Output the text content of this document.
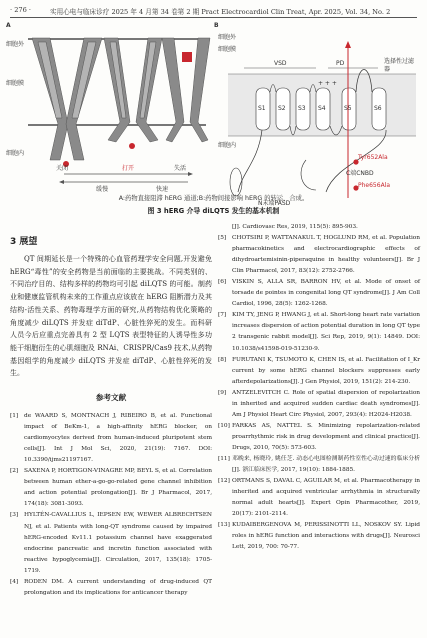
· 276 ·	实用心电与临床诊疗 2025 年 4 月第 34 卷第 2 期 Pract Electrocardiol Clin Treat, Apr. 2025, Vol. 34, No. 2
A
细胞外
细胞膜
细胞内
关闭	打开	失活
缓慢	快速
B
细胞外
细胞膜
细胞内
VSD	PD	选择性过滤器
S1 S2 S3 S4	S5	S6
+ + +
Tyr652Ala
C端CNBD
Phe656Ala
N末端PASD
A:药物直接阻滞 hERG 通道;B:药物间接影响 hERG 的转运、合成。
图 3 hERG 介导 diLQTS 发生的基本机制
3 展望

QT 间期延长是一个特殊的心血管药理学安全问题,开发避免 hERG“毒性”的安全药物是当前面临的主要挑战。不同类别的、不同治疗目的、结构多样的药物均可引起 diLQTS 的可能。制药业和健康监管机构未来的工作重点应该放在 hERG 阻断潜力及其结构-活性关系、药物毒理学方面的研究,从药物结构优化策略的角度减少 diLQTS 并发症 diTdP、心脏性猝死的发生。而科研人员今后应重点完善具有 2 型 LQTS 表型特征的人诱导性多功能干细胞衍生的心肌细胞及 RNAi、CRISPR/Cas9 技术,从药物基因组学的角度减少 diLQTS 并发症 diTdP、心脏性猝死的发生。

参考文献
[1] de WAARD S, MONTNACH J, RIBEIRO B, et al. Functional impact of BeKm-1, a high-affinity hERG blocker, on cardiomyocytes derived from human-induced pluripotent stem cells[J]. Int J Mol Sci, 2020, 21(19): 7167. DOI: 10.3390/ijms21197167.
[2] SAXENA P, HORTIGON-VINAGRE MP, BEYL S, et al. Correlation between human ether-a-go-go-related gene channel inhibition and action potential prolongation[J]. Br J Pharmacol, 2017, 174(18): 3081-3093.
[3] HYLTÉN-CAVALLIUS L, IEPSEN EW, WEWER ALBRECHTSEN NJ, et al. Patients with long-QT syndrome caused by impaired hERG-encoded Kv11.1 potassium channel have exaggerated endocrine pancreatic and incretin function associated with reactive hypoglycemia[J]. Circulation, 2017, 135(18): 1705-1719.
[4] RODEN DM. A current understanding of drug-induced QT prolongation and its implications for anticancer therapy
[J]. Cardiovasc Res, 2019, 115(5): 895-903.
[5] CHOTSIRI P, WATTANAKUL T, HOGLUND RM, et al. Population pharmacokinetics and electrocardiographic effects of dihydroartemisinin-piperaquine in healthy volunteers[J]. Br J Clin Pharmacol, 2017, 83(12): 2752-2766.
[6] VISKIN S, ALLA SR, BARRON HV, et al. Mode of onset of torsade de pointes in congenital long QT syndrome[J]. J Am Coll Cardiol, 1996, 28(5): 1262-1268.
[7] KIM TY, JENG P, HWANG J, et al. Short-long heart rate variation increases dispersion of action potential duration in long QT type 2 transgenic rabbit model[J]. Sci Rep, 2019, 9(1): 14849. DOI: 10.1038/s41598-019-51230-9.
[8] FURUTANI K, TSUMOTO K, CHEN IS, et al. Facilitation of I_Kr current by some hERG channel blockers suppresses early afterdepolarizations[J]. J Gen Physiol, 2019, 151(2): 214-230.
[9] ANTZELEVITCH C. Role of spatial dispersion of repolarization in inherited and acquired sudden cardiac death syndromes[J]. Am J Physiol Heart Circ Physiol, 2007, 293(4): H2024-H2038.
[10] FARKAS AS, NATTEL S. Minimizing repolarization-related proarrhythmic risk in drug development and clinical practice[J]. Drugs, 2010, 70(5): 573-603.
[11] 邓晚来, 杨晓玲, 姚任芝. 动态心电图检测制药性室性心动过速的临床分析[J]. 浙江临床医学, 2017, 19(10): 1884-1885.
[12] ORTMANS S, DAVAL C, AGUILAR M, et al. Pharmacotherapy in inherited and acquired ventricular arrhythmia in structurally normal adult hearts[J]. Expert Opin Pharmacother, 2019, 20(17): 2101-2114.
[13] KUDAIBERGENOVA M, PERISSINOTTI LL, NOSKOV SY. Lipid roles in hERG function and interactions with drugs[J]. Neurosci Lett, 2019, 700: 70-77.
